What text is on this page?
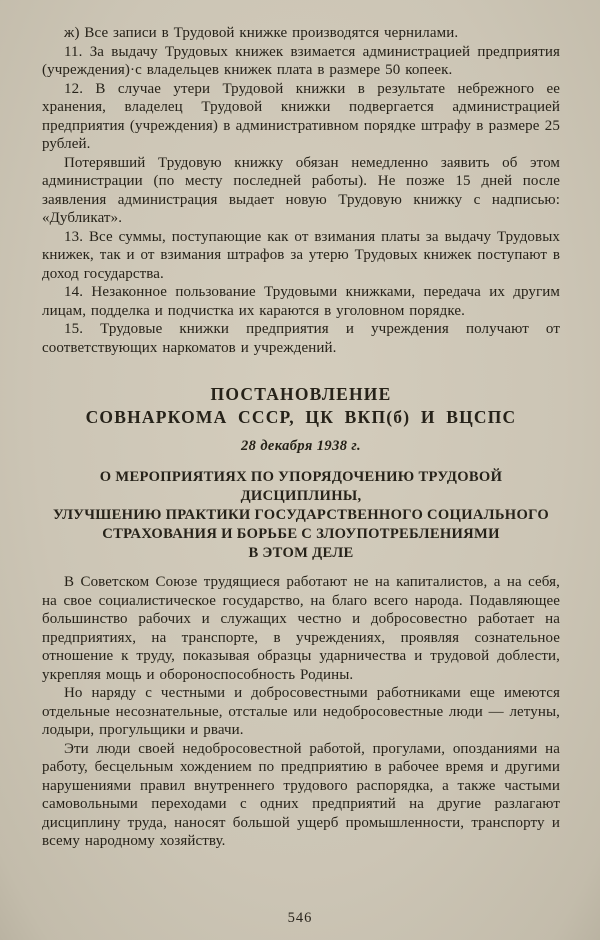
ж) Все записи в Трудовой книжке производятся чернилами.

11. За выдачу Трудовых книжек взимается администрацией предприятия (учреждения)·с владельцев книжек плата в размере 50 копеек.

12. В случае утери Трудовой книжки в результате небрежного ее хранения, владелец Трудовой книжки подвергается администрацией предприятия (учреждения) в административном порядке штрафу в размере 25 рублей.

Потерявший Трудовую книжку обязан немедленно заявить об этом администрации (по месту последней работы). Не позже 15 дней после заявления администрация выдает новую Трудовую книжку с надписью: «Дубликат».

13. Все суммы, поступающие как от взимания платы за выдачу Трудовых книжек, так и от взимания штрафов за утерю Трудовых книжек поступают в доход государства.

14. Незаконное пользование Трудовыми книжками, передача их другим лицам, подделка и подчистка их караются в уголовном порядке.

15. Трудовые книжки предприятия и учреждения получают от соответствующих наркоматов и учреждений.

ПОСТАНОВЛЕНИЕ
СОВНАРКОМА СССР, ЦК ВКП(б) И ВЦСПС
28 декабря 1938 г.
О МЕРОПРИЯТИЯХ ПО УПОРЯДОЧЕНИЮ ТРУДОВОЙ ДИСЦИПЛИНЫ,
УЛУЧШЕНИЮ ПРАКТИКИ ГОСУДАРСТВЕННОГО СОЦИАЛЬНОГО
СТРАХОВАНИЯ И БОРЬБЕ С ЗЛОУПОТРЕБЛЕНИЯМИ
В ЭТОМ ДЕЛЕ

В Советском Союзе трудящиеся работают не на капиталистов, а на себя, на свое социалистическое государство, на благо всего народа. Подавляющее большинство рабочих и служащих честно и добросовестно работает на предприятиях, на транспорте, в учреждениях, проявляя сознательное отношение к труду, показывая образцы ударничества и трудовой доблести, укрепляя мощь и обороноспособность Родины.

Но наряду с честными и добросовестными работниками еще имеются отдельные несознательные, отсталые или недобросовестные люди — летуны, лодыри, прогульщики и рвачи.

Эти люди своей недобросовестной работой, прогулами, опозданиями на работу, бесцельным хождением по предприятию в рабочее время и другими нарушениями правил внутреннего трудового распорядка, а также частыми самовольными переходами с одних предприятий на другие разлагают дисциплину труда, наносят большой ущерб промышленности, транспорту и всему народному хозяйству.

546
